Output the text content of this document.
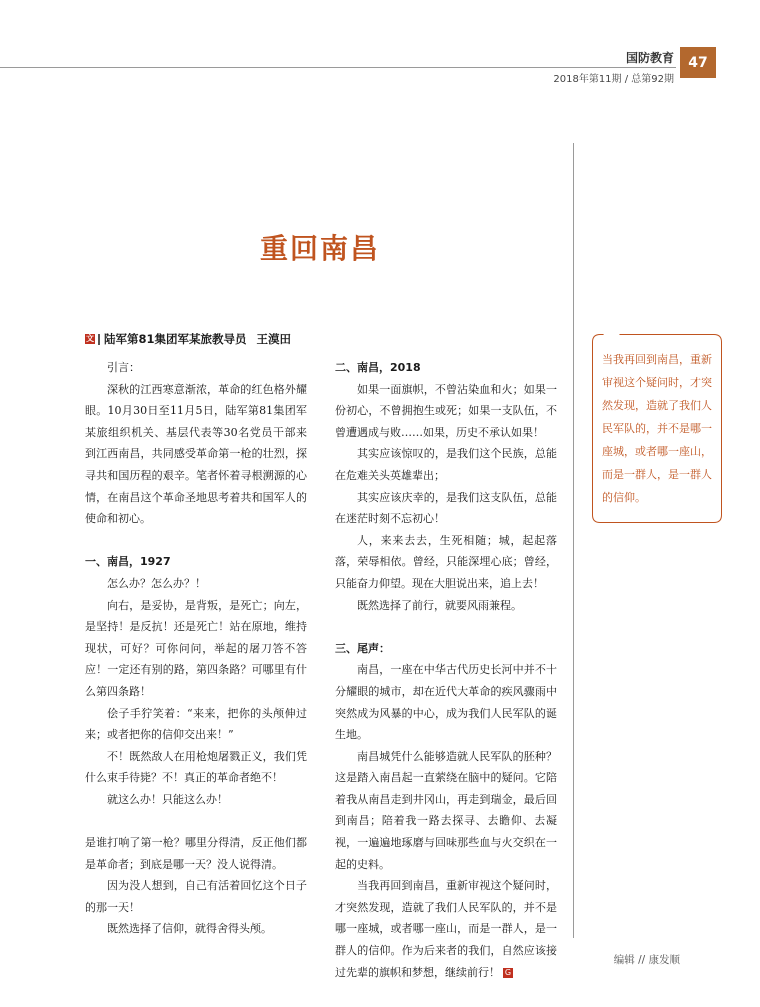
国防教育
2018年第11期 / 总第92期
47
重回南昌
文 陆军第81集团军某旅教导员 王漠田

引言：

深秋的江西寒意渐浓，革命的红色格外耀眼。10月30日至11月5日，陆军第81集团军某旅组织机关、基层代表等30名党员干部来到江西南昌，共同感受革命第一枪的壮烈，探寻共和国历程的艰辛。笔者怀着寻根溯源的心情，在南昌这个革命圣地思考着共和国军人的使命和初心。

一、南昌，1927

怎么办？怎么办？！

向右，是妥协，是背叛，是死亡；向左，是坚持！是反抗！还是死亡！站在原地，维持现状，可好？可你问问，举起的屠刀答不答应！一定还有别的路，第四条路？可哪里有什么第四条路！

侩子手狞笑着：“来来，把你的头颅伸过来；或者把你的信仰交出来！”

不！既然敌人在用枪炮屠戮正义，我们凭什么束手待毙？不！真正的革命者绝不！

就这么办！只能这么办！

是谁打响了第一枪？哪里分得清，反正他们都是革命者；到底是哪一天？没人说得清。

因为没人想到，自己有活着回忆这个日子的那一天！

既然选择了信仰，就得舍得头颅。

二、南昌，2018

如果一面旗帜，不曾沾染血和火；如果一份初心，不曾拥抱生或死；如果一支队伍，不曾遭遇成与败……如果，历史不承认如果！

其实应该惊叹的，是我们这个民族，总能在危难关头英雄辈出；

其实应该庆幸的，是我们这支队伍，总能在迷茫时刻不忘初心！

人，来来去去，生死相随；城，起起落落，荣辱相依。曾经，只能深埋心底；曾经，只能奋力仰望。现在大胆说出来，追上去！

既然选择了前行，就要风雨兼程。

三、尾声：

南昌，一座在中华古代历史长河中并不十分耀眼的城市，却在近代大革命的疾风骤雨中突然成为风暴的中心，成为我们人民军队的诞生地。

南昌城凭什么能够造就人民军队的胚种？这是踏入南昌起一直萦绕在脑中的疑问。它陪着我从南昌走到井冈山，再走到瑞金，最后回到南昌；陪着我一路去探寻、去瞻仰、去凝视，一遍遍地琢磨与回味那些血与火交织在一起的史料。

当我再回到南昌，重新审视这个疑问时，才突然发现，造就了我们人民军队的，并不是哪一座城，或者哪一座山，而是一群人，是一群人的信仰。作为后来者的我们，自然应该接过先辈的旗帜和梦想，继续前行！ G

当我再回到南昌，重新审视这个疑问时，才突然发现，造就了我们人民军队的，并不是哪一座城，或者哪一座山，而是一群人，是一群人的信仰。
编辑 // 康发顺
